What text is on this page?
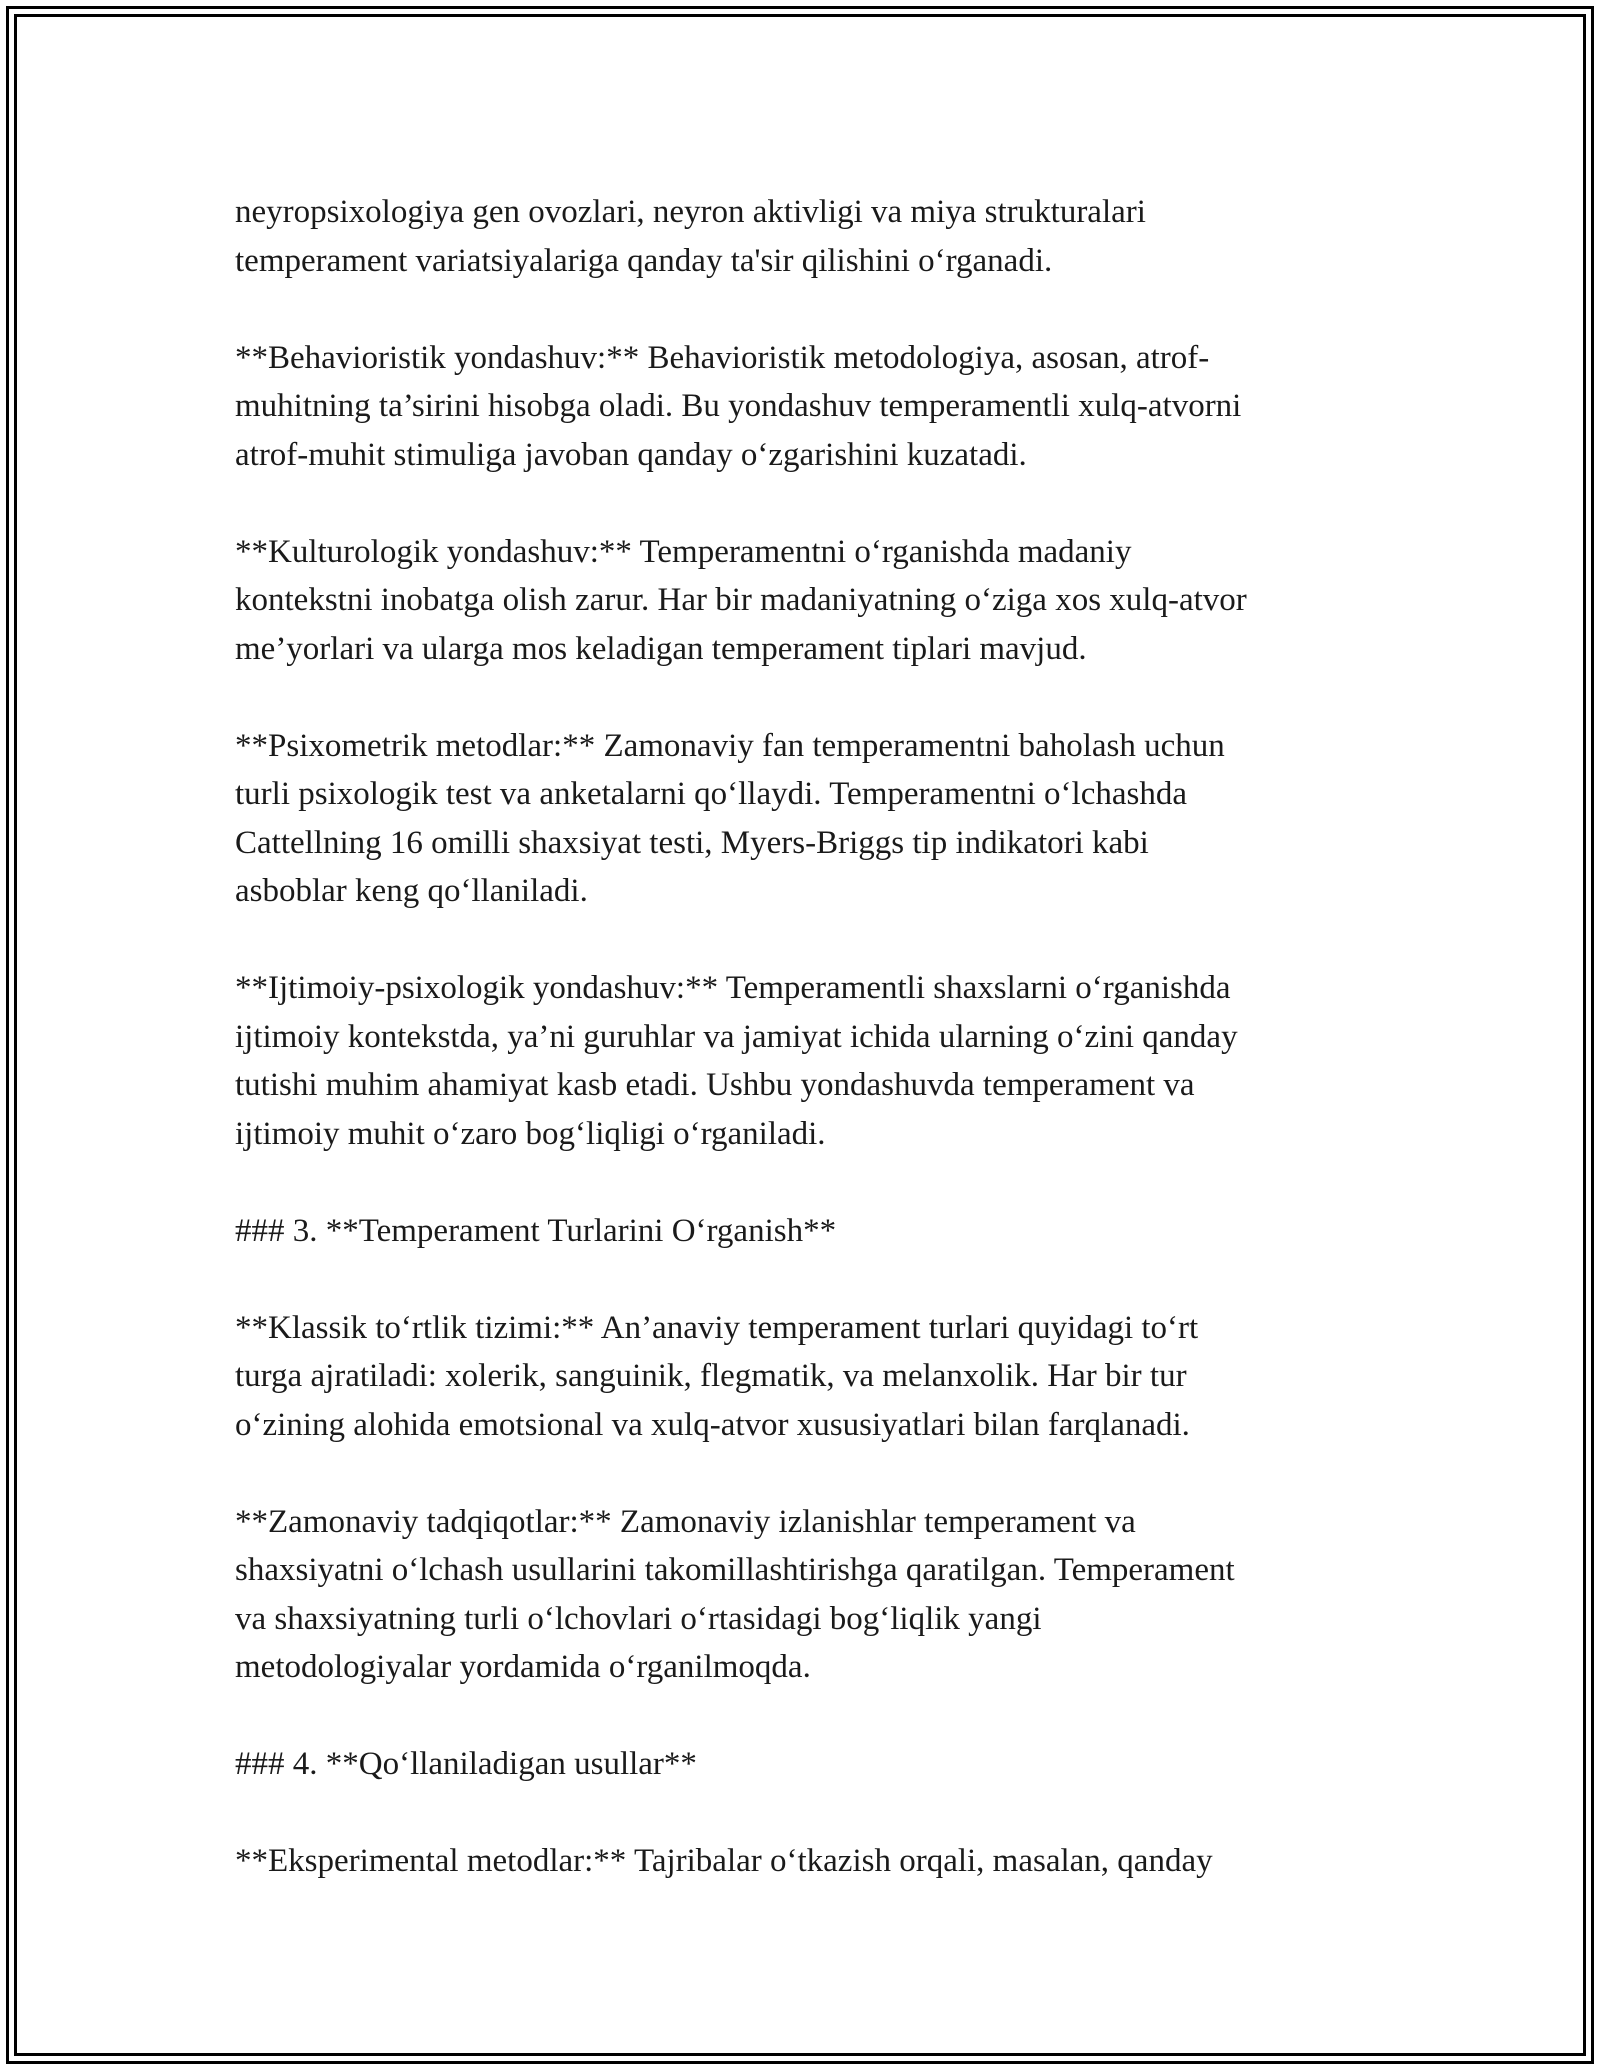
neyropsixologiya gen ovozlari, neyron aktivligi va miya strukturalari
temperament variatsiyalariga qanday ta'sir qilishini o‘rganadi.
**Behavioristik yondashuv:** Behavioristik metodologiya, asosan, atrof-
muhitning ta’sirini hisobga oladi. Bu yondashuv temperamentli xulq-atvorni
atrof-muhit stimuliga javoban qanday o‘zgarishini kuzatadi.
**Kulturologik yondashuv:** Temperamentni o‘rganishda madaniy
kontekstni inobatga olish zarur. Har bir madaniyatning o‘ziga xos xulq-atvor
me’yorlari va ularga mos keladigan temperament tiplari mavjud.
**Psixometrik metodlar:** Zamonaviy fan temperamentni baholash uchun
turli psixologik test va anketalarni qo‘llaydi. Temperamentni o‘lchashda
Cattellning 16 omilli shaxsiyat testi, Myers-Briggs tip indikatori kabi
asboblar keng qo‘llaniladi.
**Ijtimoiy-psixologik yondashuv:** Temperamentli shaxslarni o‘rganishda
ijtimoiy kontekstda, ya’ni guruhlar va jamiyat ichida ularning o‘zini qanday
tutishi muhim ahamiyat kasb etadi. Ushbu yondashuvda temperament va
ijtimoiy muhit o‘zaro bog‘liqligi o‘rganiladi.
### 3. **Temperament Turlarini O‘rganish**
**Klassik to‘rtlik tizimi:** An’anaviy temperament turlari quyidagi to‘rt
turga ajratiladi: xolerik, sanguinik, flegmatik, va melanxolik. Har bir tur
o‘zining alohida emotsional va xulq-atvor xususiyatlari bilan farqlanadi.
**Zamonaviy tadqiqotlar:** Zamonaviy izlanishlar temperament va
shaxsiyatni o‘lchash usullarini takomillashtirishga qaratilgan. Temperament
va shaxsiyatning turli o‘lchovlari o‘rtasidagi bog‘liqlik yangi
metodologiyalar yordamida o‘rganilmoqda.
### 4. **Qo‘llaniladigan usullar**
**Eksperimental metodlar:** Tajribalar o‘tkazish orqali, masalan, qanday
